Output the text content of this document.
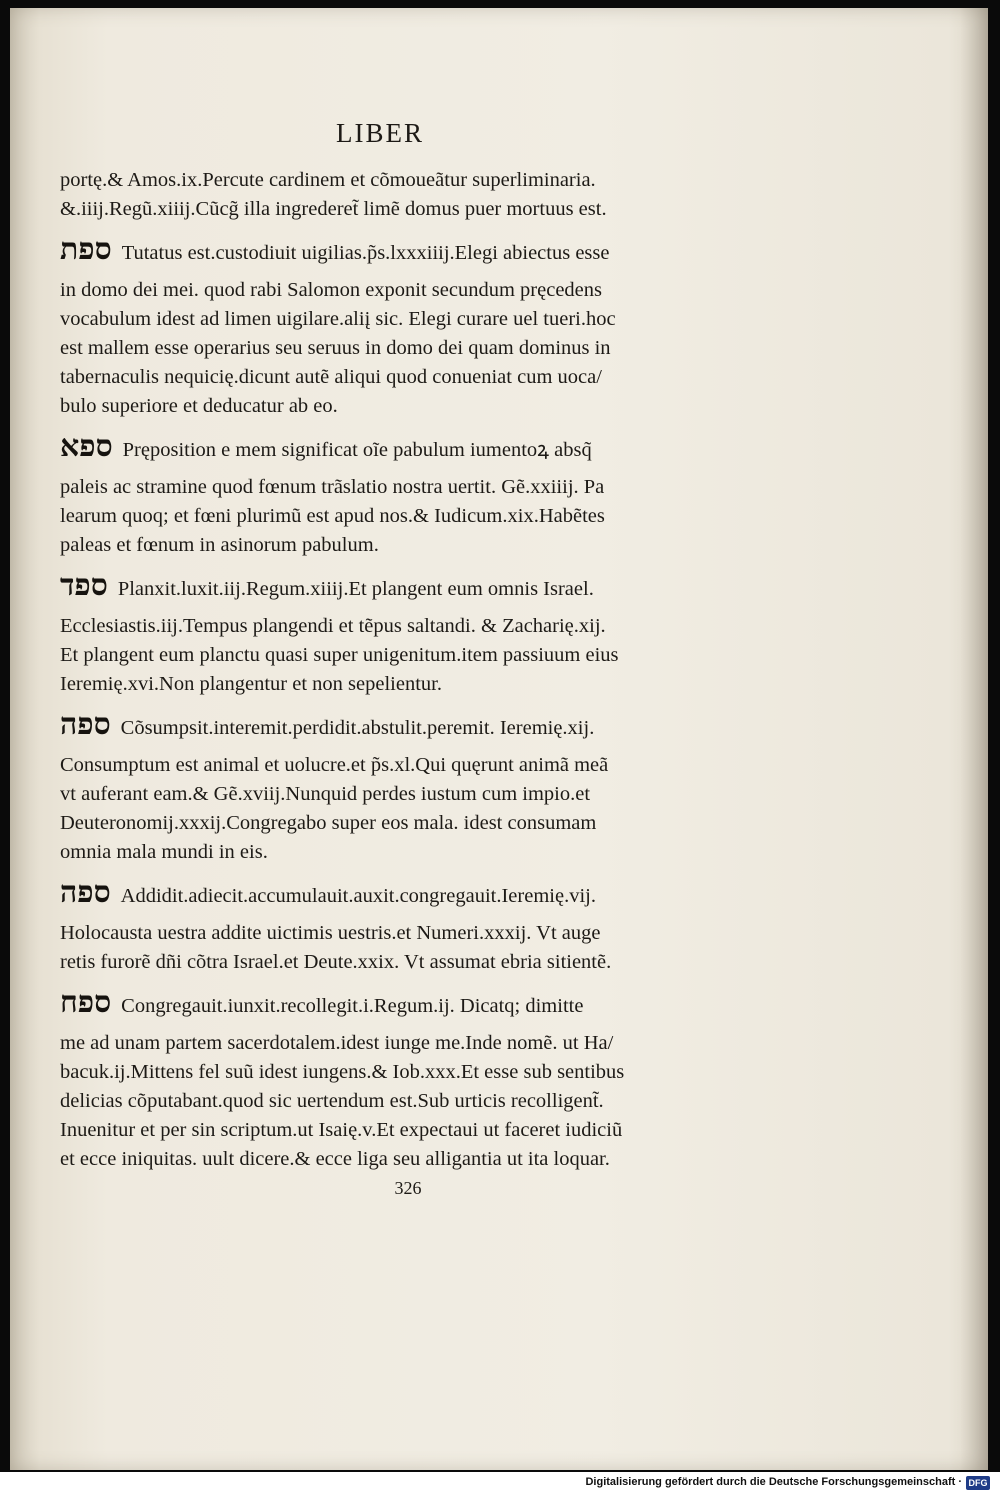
LIBER
portę.& Amos.ix.Percute cardinem et cõmoueãtur superliminaria.
&.iiij.Regũ.xiiij.Cũcg̃ illa ingrederet̃ limẽ domus puer mortuus est.
ספת Tutatus est.custodiuit uigilias.p̃s.lxxxiiij.Elegi abiectus esse
in domo dei mei. quod rabi Salomon exponit secundum pręcedens
vocabulum idest ad limen uigilare.aliį sic. Elegi curare uel tueri.hoc
est mallem esse operarius seu seruus in domo dei quam dominus in
tabernaculis nequicię.dicunt autẽ aliqui quod conueniat cum uoca/
bulo superiore et deducatur ab eo.
ספא Pręposition e mem significat oĩe pabulum iumentoꝝ absq̃
paleis ac stramine quod fœnum trãslatio nostra uertit. Gẽ.xxiiij. Pa
learum quoq; et fœni plurimũ est apud nos.& Iudicum.xix.Habẽtes
paleas et fœnum in asinorum pabulum.
ספד Planxit.luxit.iij.Regum.xiiij.Et plangent eum omnis Israel.
Ecclesiastis.iij.Tempus plangendi et tẽpus saltandi. & Zacharię.xij.
Et plangent eum planctu quasi super unigenitum.item passiuum eius
Ieremię.xvi.Non plangentur et non sepelientur.
ספה Cõsumpsit.interemit.perdidit.abstulit.peremit. Ieremię.xij.
Consumptum est animal et uolucre.et p̃s.xl.Qui quęrunt animã meã
vt auferant eam.& Gẽ.xviij.Nunquid perdes iustum cum impio.et
Deuteronomij.xxxij.Congregabo super eos mala. idest consumam
omnia mala mundi in eis.
ספה Addidit.adiecit.accumulauit.auxit.congregauit.Ieremię.vij.
Holocausta uestra addite uictimis uestris.et Numeri.xxxij. Vt auge
retis furorẽ dñi cõtra Israel.et Deute.xxix. Vt assumat ebria sitientẽ.
ספח Congregauit.iunxit.recollegit.i.Regum.ij. Dicatq; dimitte
me ad unam partem sacerdotalem.idest iunge me.Inde nomẽ. ut Ha/
bacuk.ij.Mittens fel suũ idest iungens.& Iob.xxx.Et esse sub sentibus
delicias cõputabant.quod sic uertendum est.Sub urticis recolligent̃.
Inuenitur et per sin scriptum.ut Isaię.v.Et expectaui ut faceret iudiciũ
et ecce iniquitas. uult dicere.& ecce liga seu alligantia ut ita loquar.
326
Digitalisierung gefördert durch die Deutsche Forschungsgemeinschaft · DFG
